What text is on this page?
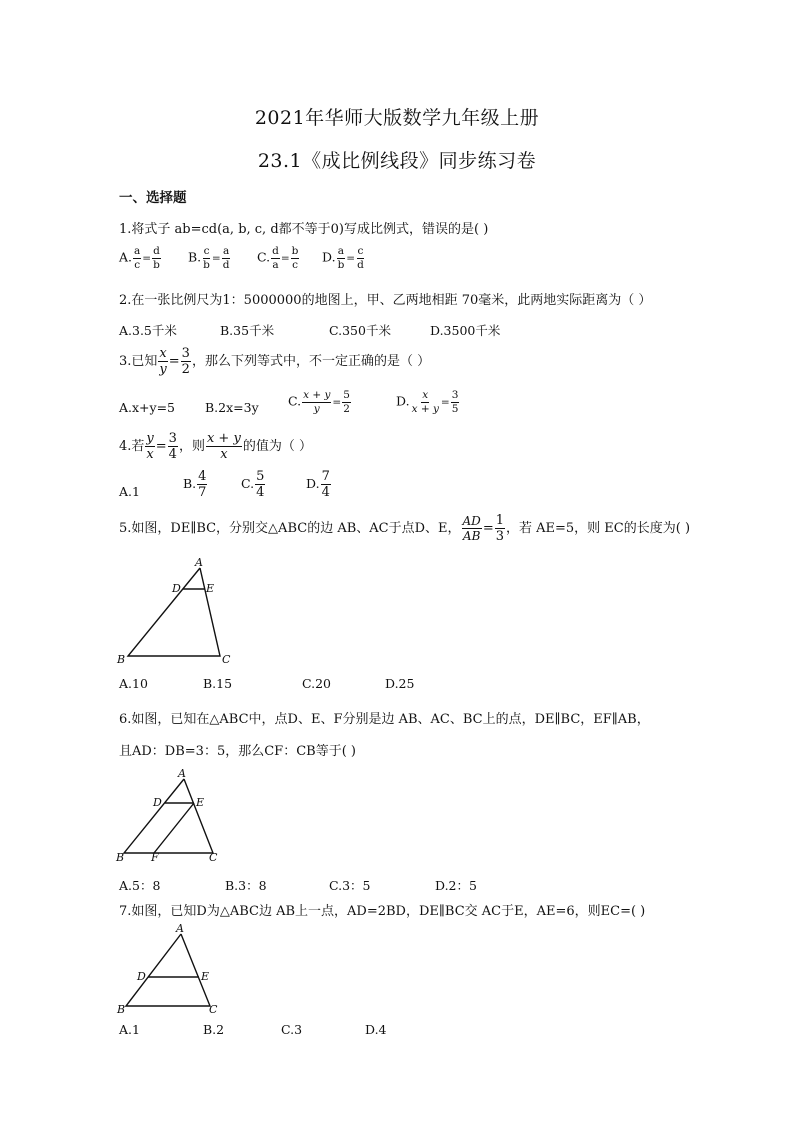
2021年华师大版数学九年级上册
23.1《成比例线段》同步练习卷
一、选择题
1.将式子 ab=cd(a, b, c, d都不等于0)写成比例式，错误的是( )
A. $\frac{a}{c} = \frac{d}{b} B$. $\frac{c}{b} = \frac{a}{d} C$. $\frac{d}{a} = \frac{b}{c} D$. $\frac{a}{b} = \frac{c}{d}$
2.在一张比例尺为1：5000000的地图上，甲、乙两地相距 70毫米，此两地实际距离为（ ）
A.3.5千米	B.35千米	C.350千米	D.3500千米
3.已知 $\frac{x}{y} = \frac{3}{2}$ ，那么下列等式中，不一定正确的是（ ）
A.x+y=5 B.2x=3y C. $\frac{x + y}{y} = \frac{5}{2}$	D. $\frac{x}{x + y} = \frac{3}{5}$
4.若 $\frac{y}{x} = \frac{3}{4}$ ，则 $\frac{x + y}{x}$ 的值为（ ）
A.1
B. $\frac{4}{7}$	C. $\frac{5}{4}$	D. $\frac{7}{4}$
5.如图，DE∥BC，分别交△ABC的边 AB、AC于点D、E， $\frac{AD}{AB} = \frac{1}{3}$ ，若 AE=5，则 EC的长度为( )
A
D E
B	C
A.10	B.15	C.20	D.25
6.如图，已知在△ABC中，点D、E、F分别是边 AB、AC、BC上的点，DE∥BC，EF∥AB，
且AD：DB=3：5，那么CF：CB等于( )
A
D	E
B F	C
A.5：8	B.3：8	C.3：5	D.2：5
7.如图，已知D为△ABC边 AB上一点，AD=2BD，DE∥BC交 AC于E，AE=6，则EC=( )
A
D	E
B	C
A.1	B.2	C.3	D.4
